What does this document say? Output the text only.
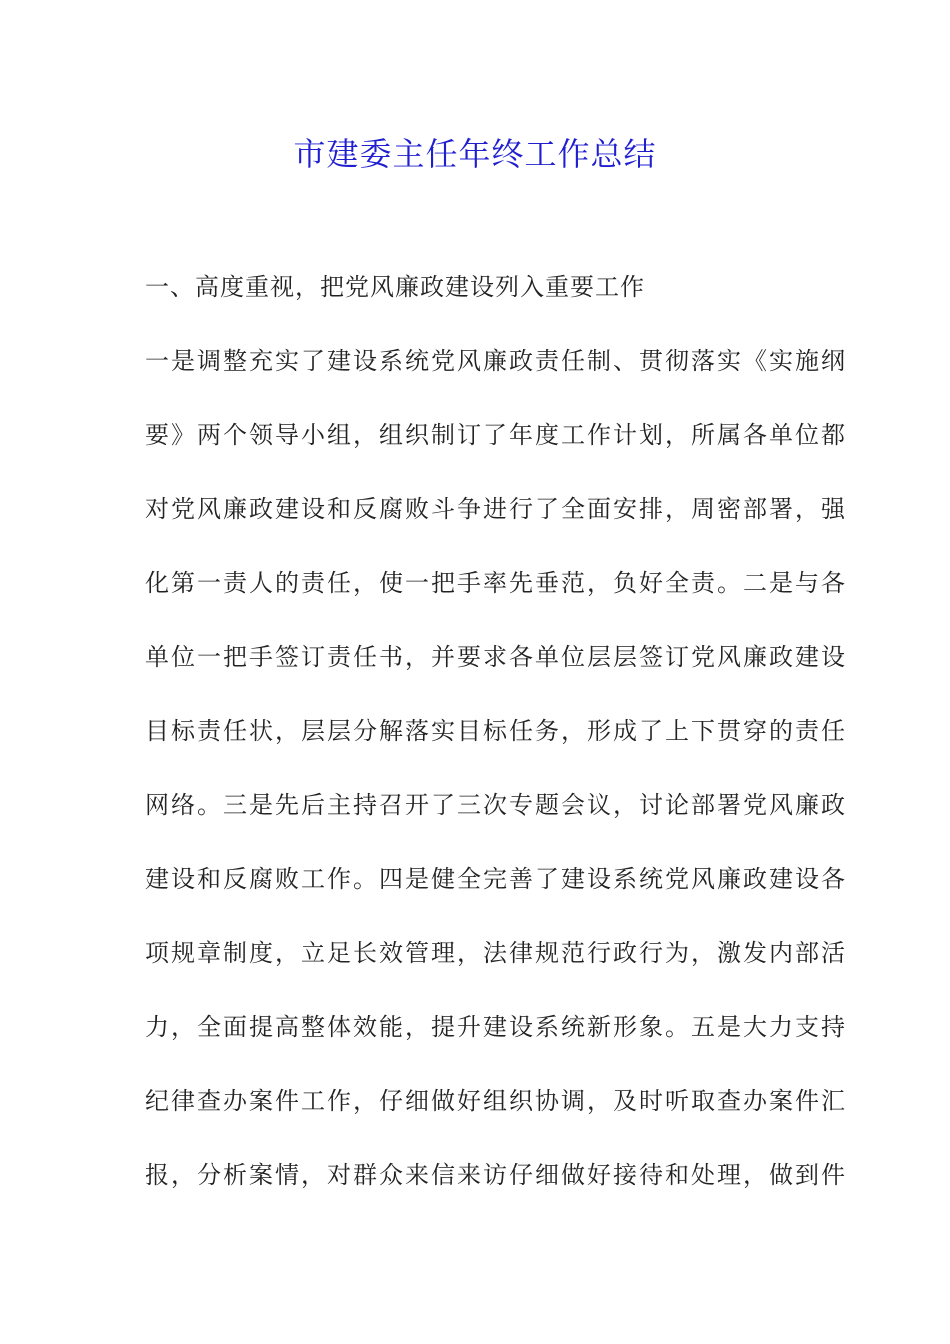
市建委主任年终工作总结

一、高度重视，把党风廉政建设列入重要工作

一是调整充实了建设系统党风廉政责任制、贯彻落实《实施纲
要》两个领导小组，组织制订了年度工作计划，所属各单位都
对党风廉政建设和反腐败斗争进行了全面安排，周密部署，强
化第一责人的责任，使一把手率先垂范，负好全责。二是与各
单位一把手签订责任书，并要求各单位层层签订党风廉政建设
目标责任状，层层分解落实目标任务，形成了上下贯穿的责任
网络。三是先后主持召开了三次专题会议，讨论部署党风廉政
建设和反腐败工作。四是健全完善了建设系统党风廉政建设各
项规章制度，立足长效管理，法律规范行政行为，激发内部活
力，全面提高整体效能，提升建设系统新形象。五是大力支持
纪律查办案件工作，仔细做好组织协调，及时听取查办案件汇
报，分析案情，对群众来信来访仔细做好接待和处理，做到件
